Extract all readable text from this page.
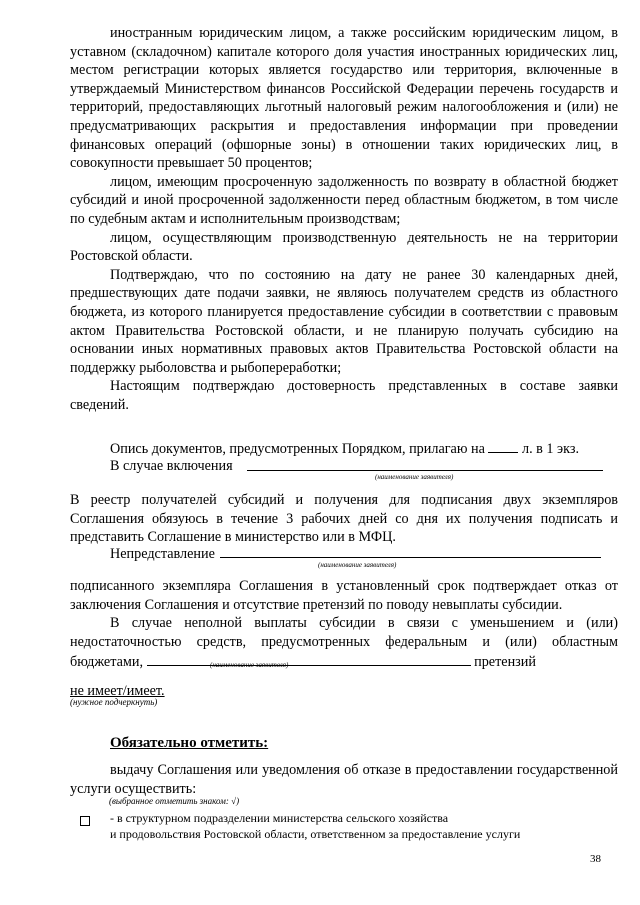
иностранным юридическим лицом, а также российским юридическим лицом, в уставном (складочном) капитале которого доля участия иностранных юридических лиц, местом регистрации которых является государство или территория, включенные в утверждаемый Министерством финансов Российской Федерации перечень государств и территорий, предоставляющих льготный налоговый режим налогообложения и (или) не предусматривающих раскрытия и предоставления информации при проведении финансовых операций (офшорные зоны) в отношении таких юридических лиц, в совокупности превышает 50 процентов;

лицом, имеющим просроченную задолженность по возврату в областной бюджет субсидий и иной просроченной задолженности перед областным бюджетом, в том числе по судебным актам и исполнительным производствам;

лицом, осуществляющим производственную деятельность не на территории Ростовской области.

Подтверждаю, что по состоянию на дату не ранее 30 календарных дней, предшествующих дате подачи заявки, не являюсь получателем средств из областного бюджета, из которого планируется предоставление субсидии в соответствии с правовым актом Правительства Ростовской области, и не планирую получать субсидию на основании иных нормативных правовых актов Правительства Ростовской области на поддержку рыболовства и рыбопереработки;

Настоящим подтверждаю достоверность представленных в составе заявки сведений.

Опись документов, предусмотренных Порядком, прилагаю на	л. в 1 экз.
В случае включения
(наименование заявителя)

В реестр получателей субсидий и получения для подписания двух экземпляров Соглашения обязуюсь в течение 3 рабочих дней со дня их получения подписать и представить Соглашение в министерство или в МФЦ.

Непредставление
(наименование заявителя)

подписанного экземпляра Соглашения в установленный срок подтверждает отказ от заключения Соглашения и отсутствие претензий по поводу невыплаты субсидии.

В случае неполной выплаты субсидии в связи с уменьшением и (или) недостаточностью средств, предусмотренных федеральным и (или) областным бюджетами,	претензий

(наименование заявителя)
не имеет/имеет.
(нужное подчеркнуть)
Обязательно отметить:

выдачу Соглашения или уведомления об отказе в предоставлении государственной услуги осуществить:

(выбранное отметить знаком: √)
- в структурном подразделении министерства сельского хозяйства
и продовольствия Ростовской области, ответственном за предоставление услуги
38
